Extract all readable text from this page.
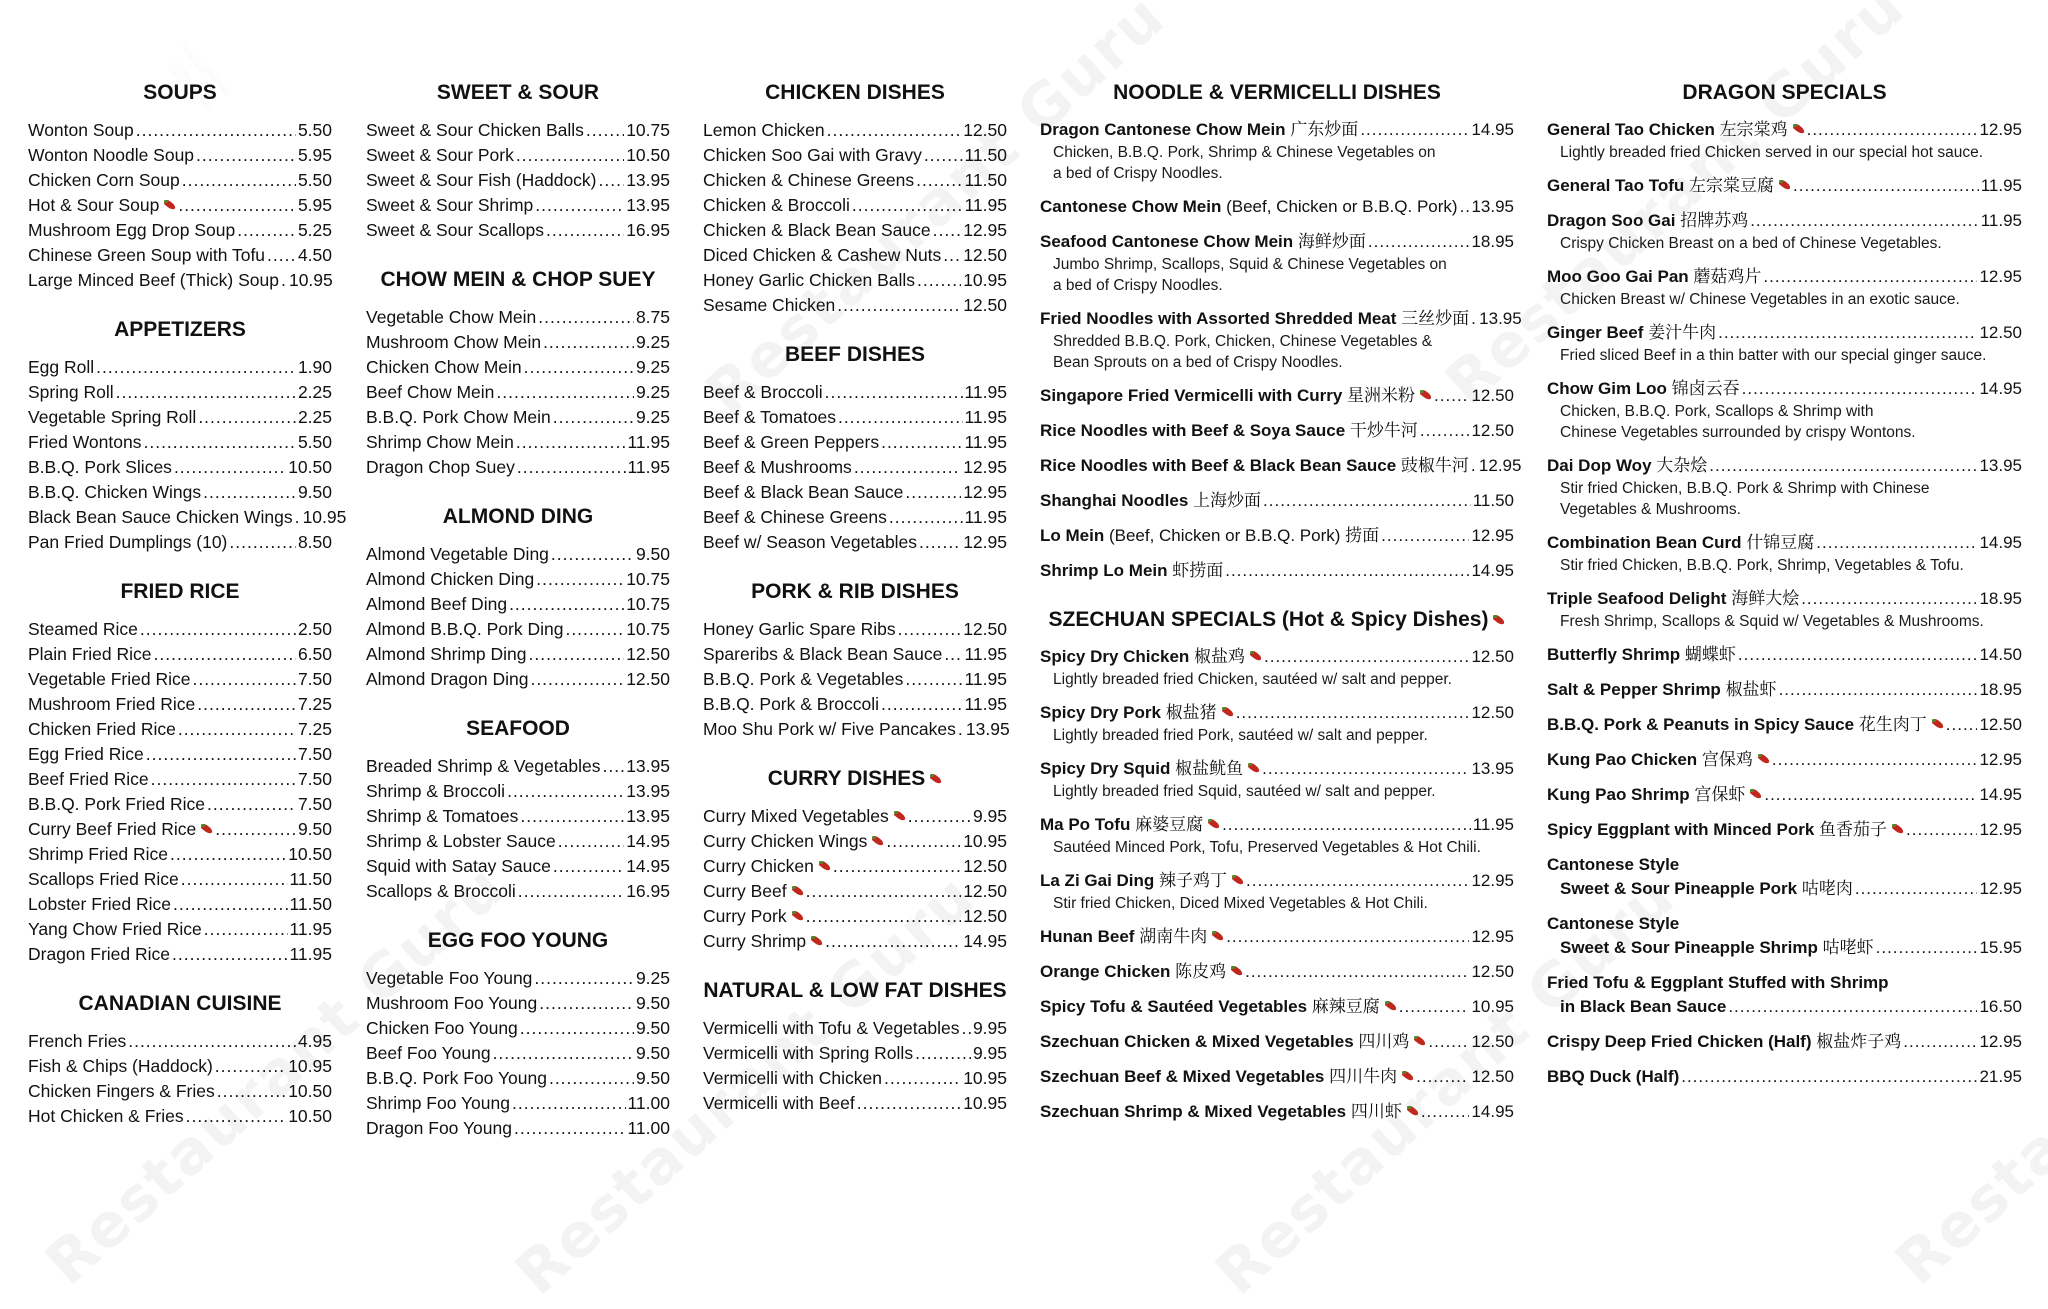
SOUPS
Wonton Soup .....	5.50
Wonton Noodle Soup .....	5.95
Chicken Corn Soup .....	5.50
Hot & Sour Soup .....	5.95
Mushroom Egg Drop Soup .....	5.25
Chinese Green Soup with Tofu ..... 4.50
Large Minced Beef (Thick) Soup ..... 10.95
APPETIZERS
Egg Roll .....	1.90
Spring Roll .....	2.25
Vegetable Spring Roll .....	2.25
Fried Wontons .....	5.50
B.B.Q. Pork Slices .....	10.50
B.B.Q. Chicken Wings .....	9.50
Black Bean Sauce Chicken Wings ..... 10.95
Pan Fried Dumplings (10) .....	8.50
FRIED RICE
Steamed Rice .....	2.50
Plain Fried Rice .....	6.50
Vegetable Fried Rice .....	7.50
Mushroom Fried Rice .....	7.25
Chicken Fried Rice .....	7.25
Egg Fried Rice .....	7.50
Beef Fried Rice .....	7.50
B.B.Q. Pork Fried Rice .....	7.50
Curry Beef Fried Rice .....	9.50
Shrimp Fried Rice .....	10.50
Scallops Fried Rice .....	11.50
Lobster Fried Rice .....	11.50
Yang Chow Fried Rice .....	11.95
Dragon Fried Rice .....	11.95
CANADIAN CUISINE
French Fries .....	4.95
Fish & Chips (Haddock) .....	10.95
Chicken Fingers & Fries .....	10.50
Hot Chicken & Fries .....	10.50
SWEET & SOUR
Sweet & Sour Chicken Balls ..... 10.75
Sweet & Sour Pork .....	10.50
Sweet & Sour Fish (Haddock) ..... 13.95
Sweet & Sour Shrimp .....	13.95
Sweet & Sour Scallops .....	16.95
CHOW MEIN & CHOP SUEY
Vegetable Chow Mein .....	8.75
Mushroom Chow Mein .....	9.25
Chicken Chow Mein .....	9.25
Beef Chow Mein .....	9.25
B.B.Q. Pork Chow Mein .....	9.25
Shrimp Chow Mein .....	11.95
Dragon Chop Suey .....	11.95
ALMOND DING
Almond Vegetable Ding .....	9.50
Almond Chicken Ding .....	10.75
Almond Beef Ding .....	10.75
Almond B.B.Q. Pork Ding .....	10.75
Almond Shrimp Ding .....	12.50
Almond Dragon Ding .....	12.50
SEAFOOD
Breaded Shrimp & Vegetables ..... 13.95
Shrimp & Broccoli .....	13.95
Shrimp & Tomatoes .....	13.95
Shrimp & Lobster Sauce .....	14.95
Squid with Satay Sauce .....	14.95
Scallops & Broccoli .....	16.95
EGG FOO YOUNG
Vegetable Foo Young .....	9.25
Mushroom Foo Young .....	9.50
Chicken Foo Young .....	9.50
Beef Foo Young .....	9.50
B.B.Q. Pork Foo Young .....	9.50
Shrimp Foo Young .....	11.00
Dragon Foo Young .....	11.00
CHICKEN DISHES
Lemon Chicken .....	12.50
Chicken Soo Gai with Gravy ..... 11.50
Chicken & Chinese Greens .....	11.50
Chicken & Broccoli .....	11.95
Chicken & Black Bean Sauce ..... 12.95
Diced Chicken & Cashew Nuts ..... 12.50
Honey Garlic Chicken Balls .....	10.95
Sesame Chicken .....	12.50
BEEF DISHES
Beef & Broccoli .....	11.95
Beef & Tomatoes .....	11.95
Beef & Green Peppers .....	11.95
Beef & Mushrooms .....	12.95
Beef & Black Bean Sauce .....	12.95
Beef & Chinese Greens .....	11.95
Beef w/ Season Vegetables .....	12.95
PORK & RIB DISHES
Honey Garlic Spare Ribs .....	12.50
Spareribs & Black Bean Sauce ..... 11.95
B.B.Q. Pork & Vegetables .....	11.95
B.B.Q. Pork & Broccoli .....	11.95
Moo Shu Pork w/ Five Pancakes ..... 13.95
CURRY DISHES
Curry Mixed Vegetables .....	9.95
Curry Chicken Wings .....	10.95
Curry Chicken .....	12.50
Curry Beef .....	12.50
Curry Pork .....	12.50
Curry Shrimp .....	14.95
NATURAL & LOW FAT DISHES
Vermicelli with Tofu & Vegetables ..... 9.95
Vermicelli with Spring Rolls .....	9.95
Vermicelli with Chicken .....	10.95
Vermicelli with Beef .....	10.95
NOODLE & VERMICELLI DISHES
Dragon Cantonese Chow Mein 广东炒面 .....	14.95
Chicken, B.B.Q. Pork, Shrimp & Chinese Vegetables on
a bed of Crispy Noodles.
Cantonese Chow Mein (Beef, Chicken or B.B.Q. Pork) ..... 13.95
Seafood Cantonese Chow Mein 海鲜炒面 .....	18.95
Jumbo Shrimp, Scallops, Squid & Chinese Vegetables on
a bed of Crispy Noodles.
Fried Noodles with Assorted Shredded Meat 三丝炒面 ..... 13.95
Shredded B.B.Q. Pork, Chicken, Chinese Vegetables &
Bean Sprouts on a bed of Crispy Noodles.
Singapore Fried Vermicelli with Curry 星洲米粉 .....	12.50
Rice Noodles with Beef & Soya Sauce 干炒牛河 .....	12.50
Rice Noodles with Beef & Black Bean Sauce 豉椒牛河 ..... 12.95
Shanghai Noodles 上海炒面 .....	11.50
Lo Mein (Beef, Chicken or B.B.Q. Pork) 捞面 .....	12.95
Shrimp Lo Mein 虾捞面 .....	14.95
SZECHUAN SPECIALS (Hot & Spicy Dishes)
Spicy Dry Chicken 椒盐鸡 .....	12.50
Lightly breaded fried Chicken, sautéed w/ salt and pepper.
Spicy Dry Pork 椒盐猪 .....	12.50
Lightly breaded fried Pork, sautéed w/ salt and pepper.
Spicy Dry Squid 椒盐鱿鱼 .....	13.95
Lightly breaded fried Squid, sautéed w/ salt and pepper.
Ma Po Tofu 麻婆豆腐 .....	11.95
Sautéed Minced Pork, Tofu, Preserved Vegetables & Hot Chili.
La Zi Gai Ding 辣子鸡丁 .....	12.95
Stir fried Chicken, Diced Mixed Vegetables & Hot Chili.
Hunan Beef 湖南牛肉 .....	12.95
Orange Chicken 陈皮鸡 .....	12.50
Spicy Tofu & Sautéed Vegetables 麻辣豆腐 .....	10.95
Szechuan Chicken & Mixed Vegetables 四川鸡 .....	12.50
Szechuan Beef & Mixed Vegetables 四川牛肉 .....	12.50
Szechuan Shrimp & Mixed Vegetables 四川虾 .....	14.95
DRAGON SPECIALS
General Tao Chicken 左宗棠鸡 .....	12.95
Lightly breaded fried Chicken served in our special hot sauce.
General Tao Tofu 左宗棠豆腐 .....	11.95
Dragon Soo Gai 招牌苏鸡 .....	11.95
Crispy Chicken Breast on a bed of Chinese Vegetables.
Moo Goo Gai Pan 蘑菇鸡片 .....	12.95
Chicken Breast w/ Chinese Vegetables in an exotic sauce.
Ginger Beef 姜汁牛肉 .....	12.50
Fried sliced Beef in a thin batter with our special ginger sauce.
Chow Gim Loo 锦卤云吞 .....	14.95
Chicken, B.B.Q. Pork, Scallops & Shrimp with
Chinese Vegetables surrounded by crispy Wontons.
Dai Dop Woy 大杂烩 .....	13.95
Stir fried Chicken, B.B.Q. Pork & Shrimp with Chinese
Vegetables & Mushrooms.
Combination Bean Curd 什锦豆腐 .....	14.95
Stir fried Chicken, B.B.Q. Pork, Shrimp, Vegetables & Tofu.
Triple Seafood Delight 海鲜大烩 .....	18.95
Fresh Shrimp, Scallops & Squid w/ Vegetables & Mushrooms.
Butterfly Shrimp 蝴蝶虾 .....	14.50
Salt & Pepper Shrimp 椒盐虾 .....	18.95
B.B.Q. Pork & Peanuts in Spicy Sauce 花生肉丁 .....	12.50
Kung Pao Chicken 宫保鸡 .....	12.95
Kung Pao Shrimp 宫保虾 .....	14.95
Spicy Eggplant with Minced Pork 鱼香茄子 .....	12.95
Cantonese Style
Sweet & Sour Pineapple Pork 咕咾肉 .....	12.95
Cantonese Style
Sweet & Sour Pineapple Shrimp 咕咾虾 .....	15.95
Fried Tofu & Eggplant Stuffed with Shrimp
in Black Bean Sauce .....	16.50
Crispy Deep Fried Chicken (Half) 椒盐炸子鸡 .....	12.95
BBQ Duck (Half) .....	21.95
